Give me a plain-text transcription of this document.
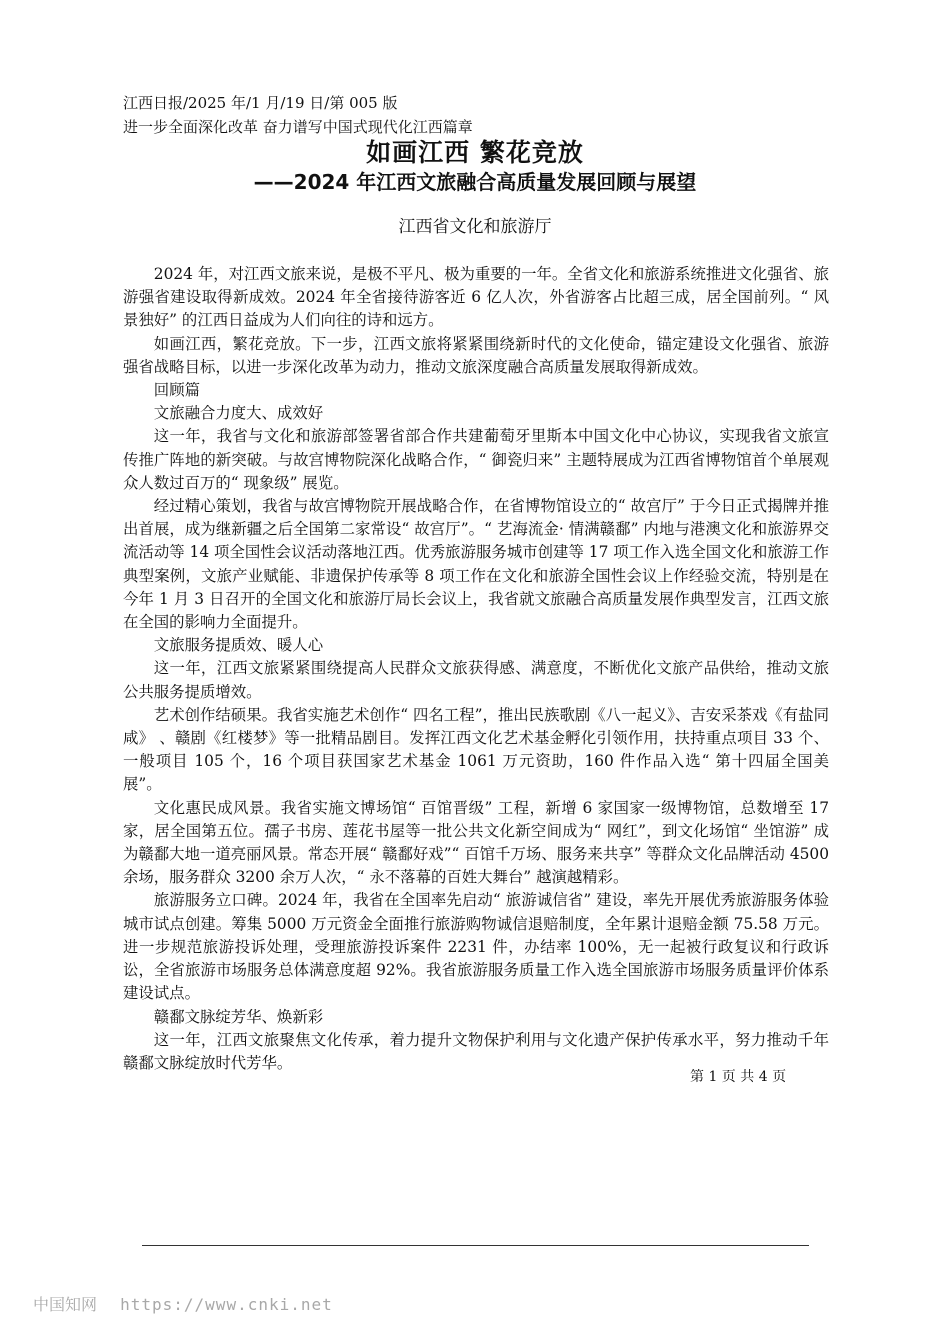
江西日报/2025 年/1 月/19 日/第 005 版
进一步全面深化改革 奋力谱写中国式现代化江西篇章
如画江西 繁花竞放
——2024 年江西文旅融合高质量发展回顾与展望
江西省文化和旅游厅

2024 年，对江西文旅来说，是极不平凡、极为重要的一年。全省文化和旅游系统推进文化强省、旅游强省建设取得新成效。2024 年全省接待游客近 6 亿人次，外省游客占比超三成，居全国前列。“ 风景独好” 的江西日益成为人们向往的诗和远方。

如画江西，繁花竞放。下一步，江西文旅将紧紧围绕新时代的文化使命，锚定建设文化强省、旅游强省战略目标，以进一步深化改革为动力，推动文旅深度融合高质量发展取得新成效。

回顾篇

文旅融合力度大、成效好

这一年，我省与文化和旅游部签署省部合作共建葡萄牙里斯本中国文化中心协议，实现我省文旅宣传推广阵地的新突破。与故宫博物院深化战略合作，“ 御瓷归来” 主题特展成为江西省博物馆首个单展观众人数过百万的“ 现象级” 展览。

经过精心策划，我省与故宫博物院开展战略合作，在省博物馆设立的“ 故宫厅” 于今日正式揭牌并推出首展，成为继新疆之后全国第二家常设“ 故宫厅”。“ 艺海流金· 情满赣鄱” 内地与港澳文化和旅游界交流活动等 14 项全国性会议活动落地江西。优秀旅游服务城市创建等 17 项工作入选全国文化和旅游工作典型案例，文旅产业赋能、非遗保护传承等 8 项工作在文化和旅游全国性会议上作经验交流，特别是在今年 1 月 3 日召开的全国文化和旅游厅局长会议上，我省就文旅融合高质量发展作典型发言，江西文旅在全国的影响力全面提升。

文旅服务提质效、暖人心

这一年，江西文旅紧紧围绕提高人民群众文旅获得感、满意度，不断优化文旅产品供给，推动文旅公共服务提质增效。

艺术创作结硕果。我省实施艺术创作“ 四名工程”，推出民族歌剧《八一起义》、吉安采茶戏《有盐同咸》 、赣剧《红楼梦》等一批精品剧目。发挥江西文化艺术基金孵化引领作用，扶持重点项目 33 个、一般项目 105 个，16 个项目获国家艺术基金 1061 万元资助，160 件作品入选“ 第十四届全国美展”。

文化惠民成风景。我省实施文博场馆“ 百馆晋级” 工程，新增 6 家国家一级博物馆，总数增至 17 家，居全国第五位。孺子书房、莲花书屋等一批公共文化新空间成为“ 网红”，到文化场馆“ 坐馆游” 成为赣鄱大地一道亮丽风景。常态开展“ 赣鄱好戏”“ 百馆千万场、服务来共享” 等群众文化品牌活动 4500 余场，服务群众 3200 余万人次，“ 永不落幕的百姓大舞台” 越演越精彩。

旅游服务立口碑。2024 年，我省在全国率先启动“ 旅游诚信省” 建设，率先开展优秀旅游服务体验城市试点创建。筹集 5000 万元资金全面推行旅游购物诚信退赔制度，全年累计退赔金额 75.58 万元。进一步规范旅游投诉处理，受理旅游投诉案件 2231 件，办结率 100%，无一起被行政复议和行政诉讼，全省旅游市场服务总体满意度超 92%。我省旅游服务质量工作入选全国旅游市场服务质量评价体系建设试点。

赣鄱文脉绽芳华、焕新彩

这一年，江西文旅聚焦文化传承，着力提升文物保护利用与文化遗产保护传承水平，努力推动千年赣鄱文脉绽放时代芳华。

第 1 页 共 4 页
中国知网 https://www.cnki.net
